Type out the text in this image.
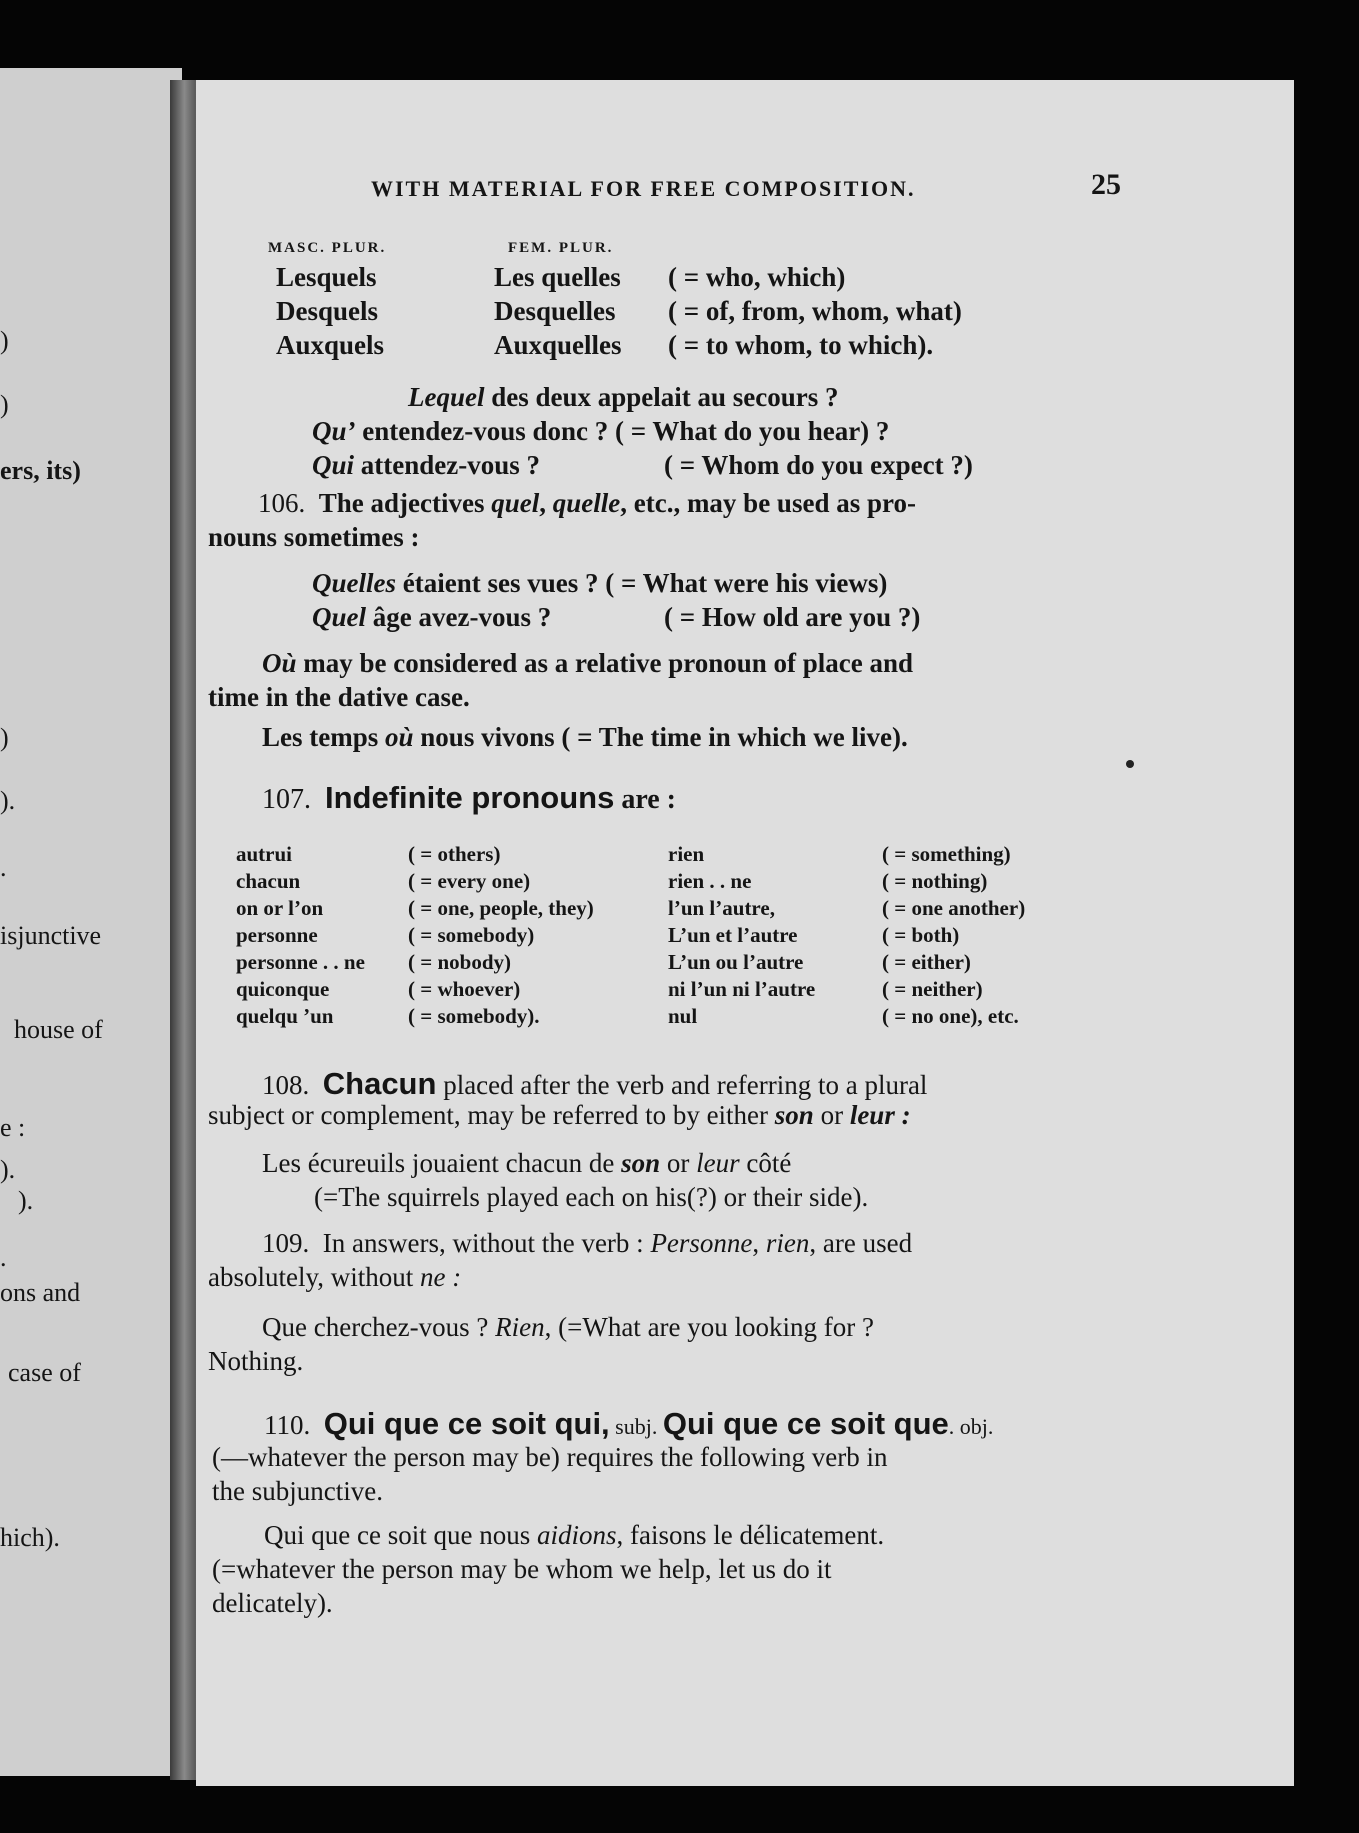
)
)
ers, its)
)
).
.
isjunctive
house of
e :
).
).
.
ons and
case of
hich).
WITH MATERIAL FOR FREE COMPOSITION.	25
MASC. PLUR.	FEM. PLUR.
Lesquels	Les quelles ( = who, which)
Desquels	Desquelles ( = of, from, whom, what)
Auxquels	Auxquelles ( = to whom, to which).
Lequel des deux appelait au secours ?
Qu’ entendez-vous donc ? ( = What do you hear) ?
Qui attendez-vous ?	( = Whom do you expect ?)
106. The adjectives quel, quelle, etc., may be used as pro-
nouns sometimes :
Quelles étaient ses vues ? ( = What were his views)
Quel âge avez-vous ?	( = How old are you ?)
Où may be considered as a relative pronoun of place and
time in the dative case.
Les temps où nous vivons ( = The time in which we live).
107. Indefinite pronouns are :
autrui	( = others)	rien	( = something)
chacun	( = every one)	rien . . ne	( = nothing)
on or l’on	( = one, people, they)	l’un l’autre,	( = one another)
personne	( = somebody)	L’un et l’autre	( = both)
personne . . ne ( = nobody)	L’un ou l’autre	( = either)
quiconque	( = whoever)	ni l’un ni l’autre	( = neither)
quelqu ’un	( = somebody).	nul	( = no one), etc.
108. Chacun placed after the verb and referring to a plural
subject or complement, may be referred to by either son or leur :
Les écureuils jouaient chacun de son or leur côté
(=The squirrels played each on his(?) or their side).
109. In answers, without the verb : Personne, rien, are used
absolutely, without ne :
Que cherchez-vous ? Rien, (=What are you looking for ?
Nothing.
110. Qui que ce soit qui, subj. Qui que ce soit que. obj.
(—whatever the person may be) requires the following verb in
the subjunctive.
Qui que ce soit que nous aidions, faisons le délicatement.
(=whatever the person may be whom we help, let us do it
delicately).
